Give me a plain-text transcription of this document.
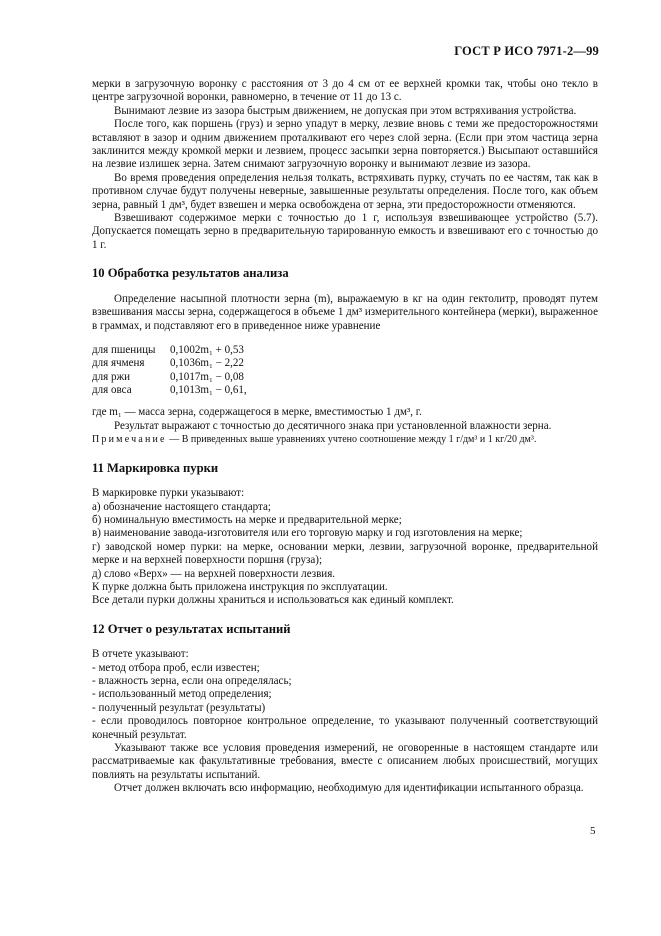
ГОСТ Р ИСО 7971-2—99

мерки в загрузочную воронку с расстояния от 3 до 4 см от ее верхней кромки так, чтобы оно текло в центре загрузочной воронки, равномерно, в течение от 11 до 13 с.

Вынимают лезвие из зазора быстрым движением, не допуская при этом встряхивания устройства.

После того, как поршень (груз) и зерно упадут в мерку, лезвие вновь с теми же предосторожностями вставляют в зазор и одним движением проталкивают его через слой зерна. (Если при этом частица зерна заклинится между кромкой мерки и лезвием, процесс засыпки зерна повторяется.) Высыпают оставшийся на лезвие излишек зерна. Затем снимают загрузочную воронку и вынимают лезвие из зазора.

Во время проведения определения нельзя толкать, встряхивать пурку, стучать по ее частям, так как в противном случае будут получены неверные, завышенные результаты определения. После того, как объем зерна, равный 1 дм³, будет взвешен и мерка освобождена от зерна, эти предосторожности отменяются.

Взвешивают содержимое мерки с точностью до 1 г, используя взвешивающее устройство (5.7). Допускается помещать зерно в предварительную тарированную емкость и взвешивают его с точностью до 1 г.

10 Обработка результатов анализа

Определение насыпной плотности зерна (m), выражаемую в кг на один гектолитр, проводят путем взвешивания массы зерна, содержащегося в объеме 1 дм³ измерительного контейнера (мерки), выраженное в граммах, и подставляют его в приведенное ниже уравнение

для пшеницы	0,1002m₁ + 0,53
для ячменя	0,1036m₁ − 2,22
для ржи	0,1017m₁ − 0,08
для овса	0,1013m₁ − 0,61,

где m₁ — масса зерна, содержащегося в мерке, вместимостью 1 дм³, г.

Результат выражают с точностью до десятичного знака при установленной влажности зерна.

Примечание — В приведенных выше уравнениях учтено соотношение между 1 г/дм³ и 1 кг/20 дм³.

11 Маркировка пурки

В маркировке пурки указывают:

а) обозначение настоящего стандарта;

б) номинальную вместимость на мерке и предварительной мерке;

в) наименование завода-изготовителя или его торговую марку и год изготовления на мерке;

г) заводской номер пурки: на мерке, основании мерки, лезвии, загрузочной воронке, предварительной мерке и на верхней поверхности поршня (груза);

д) слово «Верх» — на верхней поверхности лезвия.

К пурке должна быть приложена инструкция по эксплуатации.

Все детали пурки должны храниться и использоваться как единый комплект.

12 Отчет о результатах испытаний

В отчете указывают:

- метод отбора проб, если известен;

- влажность зерна, если она определялась;

- использованный метод определения;

- полученный результат (результаты)

- если проводилось повторное контрольное определение, то указывают полученный соответствующий конечный результат.

Указывают также все условия проведения измерений, не оговоренные в настоящем стандарте или рассматриваемые как факультативные требования, вместе с описанием любых происшествий, могущих повлиять на результаты испытаний.

Отчет должен включать всю информацию, необходимую для идентификации испытанного образца.

5
